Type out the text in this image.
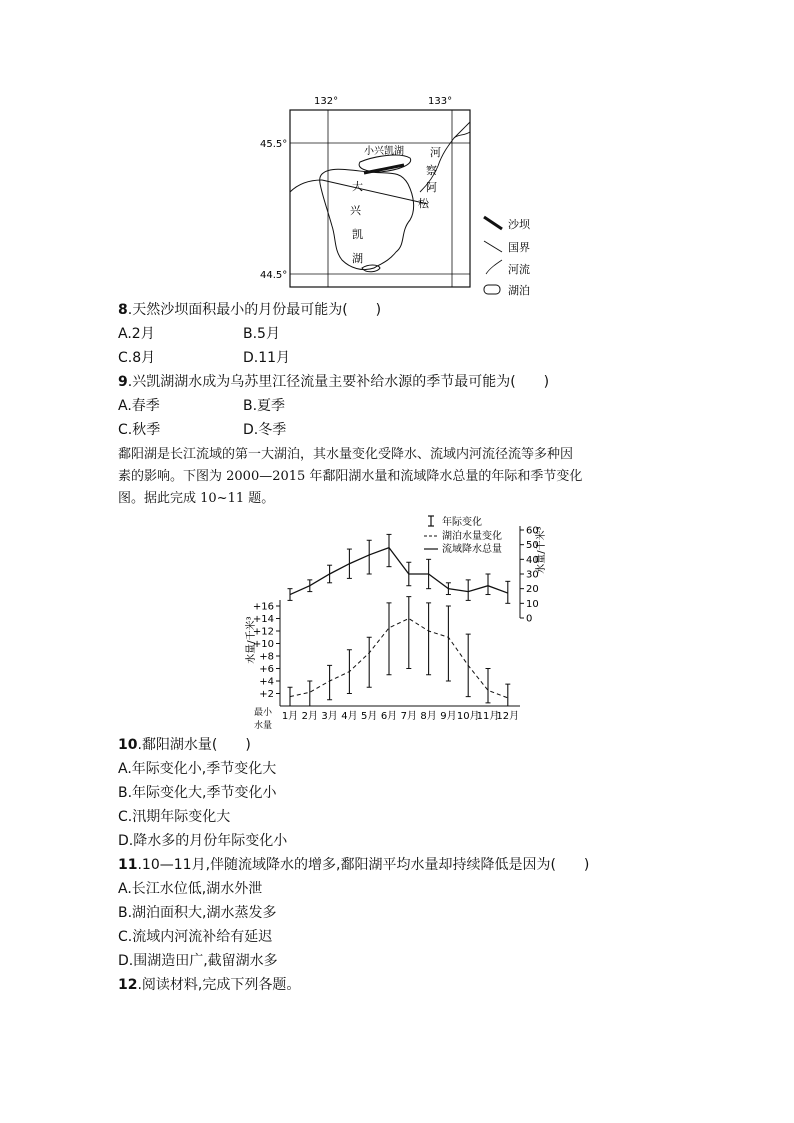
132°	133°
45.5°
44.5°
小兴凯湖
大
兴
凯
湖
河
察
阿
松
沙坝
国界
河流
湖泊
8.天然沙坝面积最小的月份最可能为(　　)
A.2月	B.5月
C.8月	D.11月
9.兴凯湖湖水成为乌苏里江径流量主要补给水源的季节最可能为(　　)
A.春季	B.夏季
C.秋季	D.冬季
鄱阳湖是长江流域的第一大湖泊，其水量变化受降水、流域内河流径流等多种因
素的影响。下图为 2000—2015 年鄱阳湖水量和流域降水总量的年际和季节变化
图。据此完成 10~11 题。
水量/千米³
最小
水量
水量/千米³
年际变化
湖泊水量变化
流域降水总量
0
10
20
30
40
50
60
+16
+14
+12
+10
+8
+6
+4
+2
1月 2月 3月 4月 5月 6月 7月 8月 9月 10月
11月
12月
10.鄱阳湖水量(　　)
A.年际变化小,季节变化大
B.年际变化大,季节变化小
C.汛期年际变化大
D.降水多的月份年际变化小
11.10—11月,伴随流域降水的增多,鄱阳湖平均水量却持续降低是因为(　　)
A.长江水位低,湖水外泄
B.湖泊面积大,湖水蒸发多
C.流域内河流补给有延迟
D.围湖造田广,截留湖水多
12.阅读材料,完成下列各题。
